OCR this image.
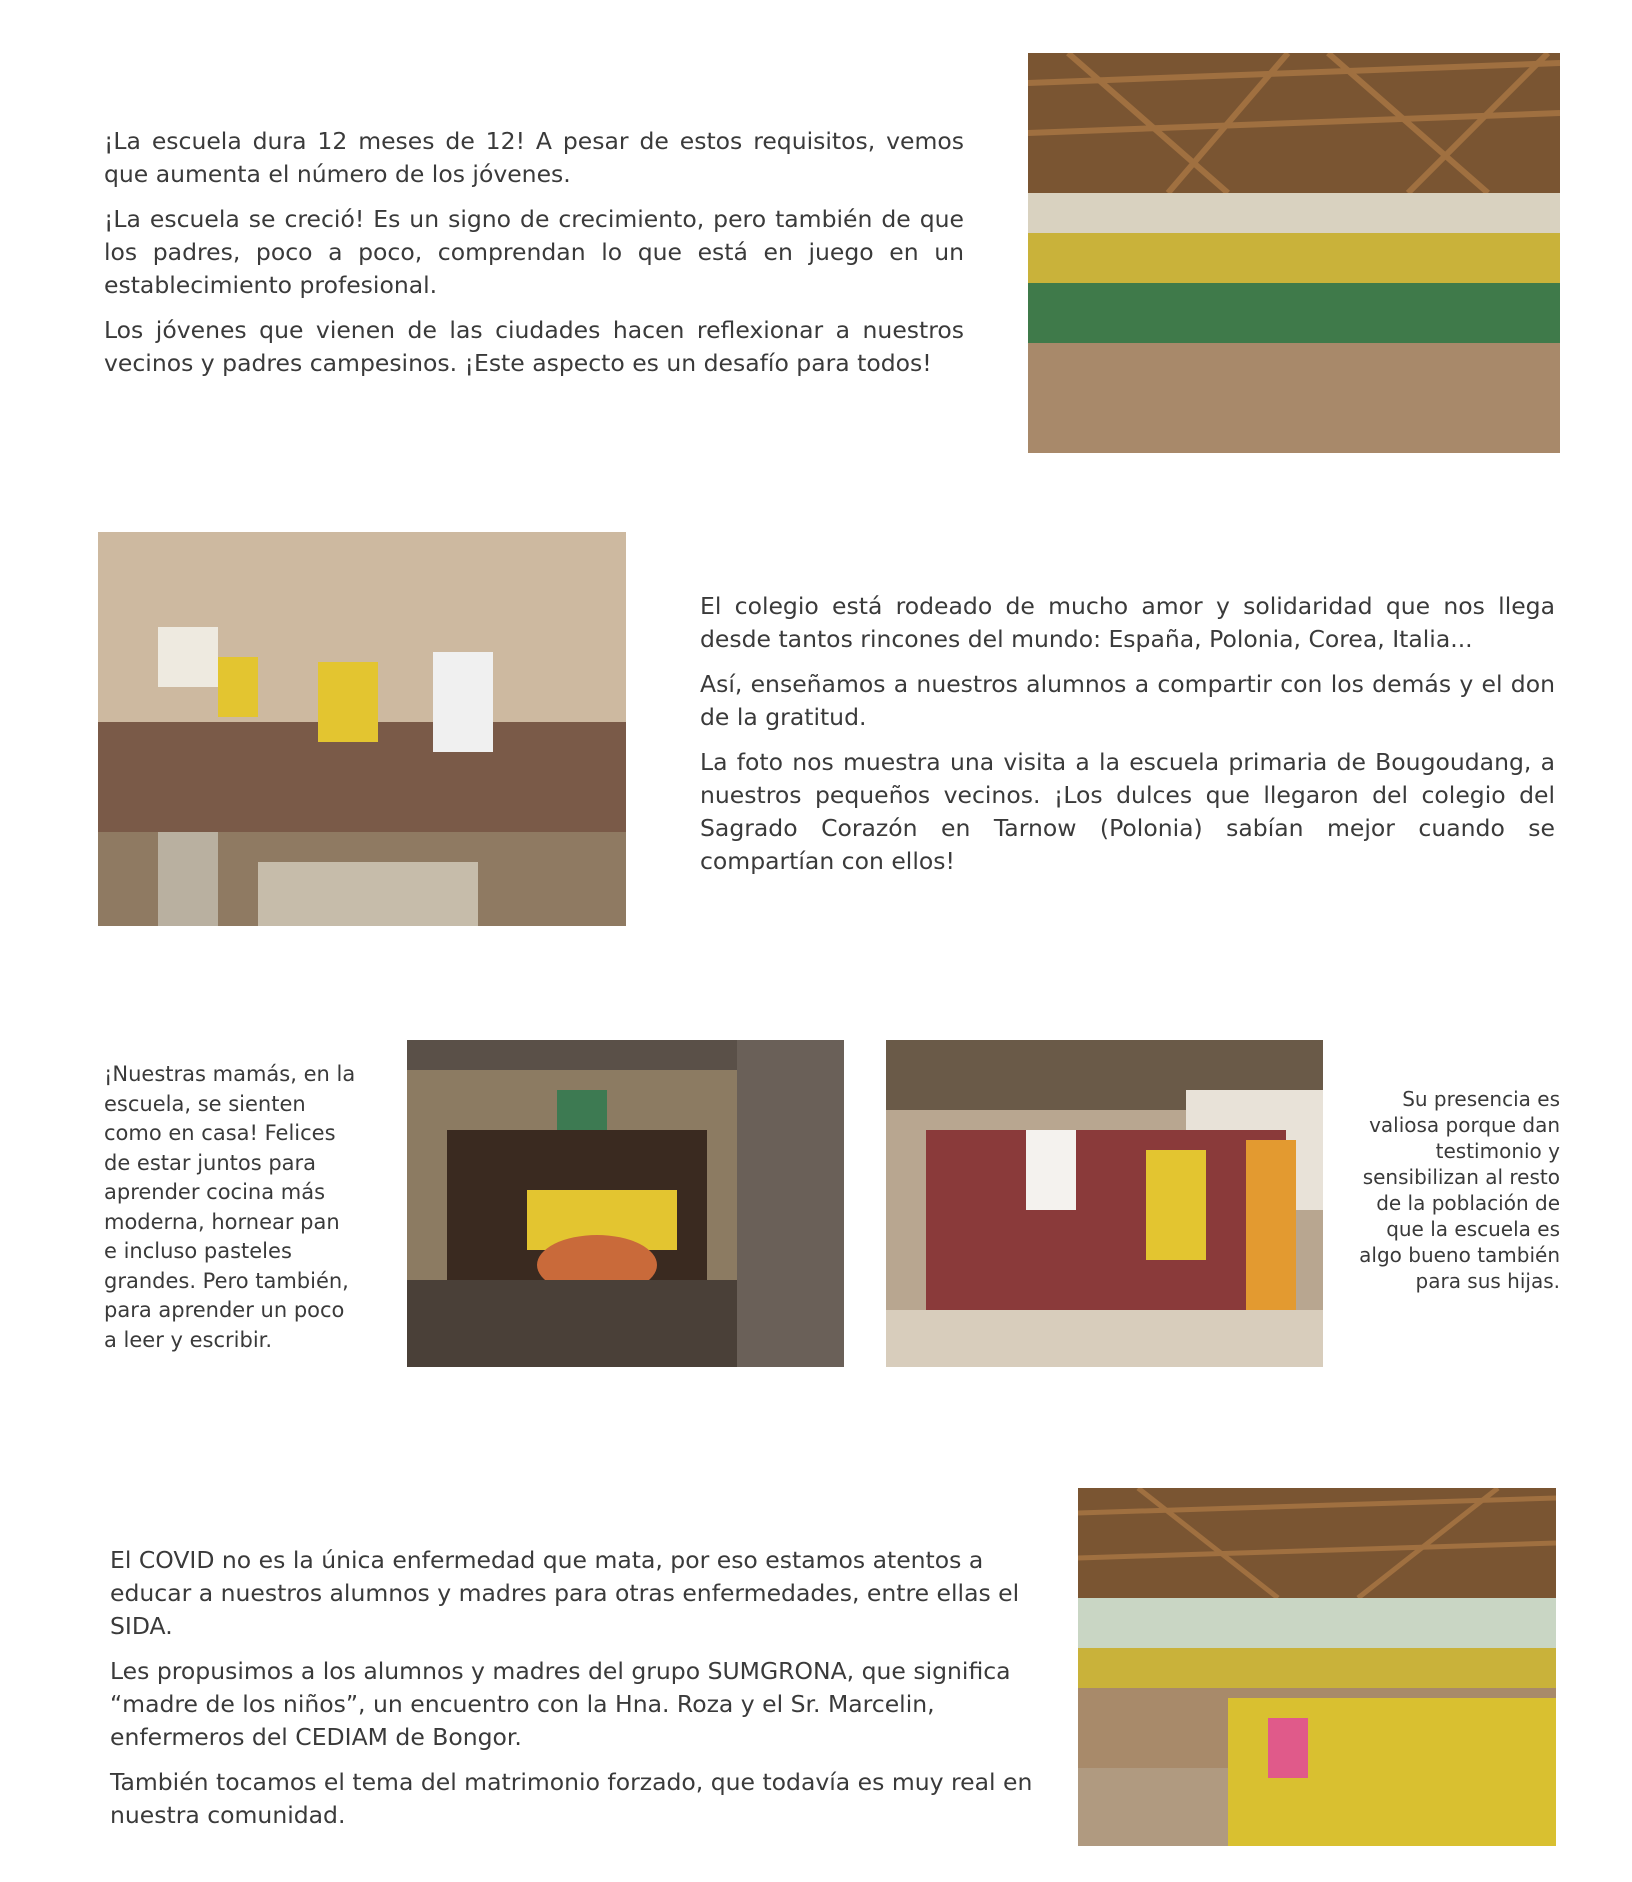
¡La escuela dura 12 meses de 12! A pesar de estos requisitos, vemos que aumenta el número de los jóvenes.

¡La escuela se creció! Es un signo de crecimiento, pero también de que los padres, poco a poco, comprendan lo que está en juego en un establecimiento profesional.

Los jóvenes que vienen de las ciudades hacen reflexionar a nuestros vecinos y padres campesinos. ¡Este aspecto es un desafío para todos!

El colegio está rodeado de mucho amor y solidaridad que nos llega desde tantos rincones del mundo: España, Polonia, Corea, Italia...

Así, enseñamos a nuestros alumnos a compartir con los demás y el don de la gratitud.

La foto nos muestra una visita a la escuela primaria de Bougoudang, a nuestros pequeños vecinos. ¡Los dulces que llegaron del colegio del Sagrado Corazón en Tarnow (Polonia) sabían mejor cuando se compartían con ellos!

¡Nuestras mamás, en la escuela, se sienten como en casa! Felices de estar juntos para aprender cocina más moderna, hornear pan e incluso pasteles grandes. Pero también, para aprender un poco a leer y escribir.

Su presencia es valiosa porque dan testimonio y sensibilizan al resto de la población de que la escuela es algo bueno también para sus hijas.

El COVID no es la única enfermedad que mata, por eso estamos atentos a educar a nuestros alumnos y madres para otras enfermedades, entre ellas el SIDA.

Les propusimos a los alumnos y madres del grupo SUMGRONA, que significa “madre de los niños”, un encuentro con la Hna. Roza y el Sr. Marcelin, enfermeros del CEDIAM de Bongor.

También tocamos el tema del matrimonio forzado, que todavía es muy real en nuestra comunidad.
